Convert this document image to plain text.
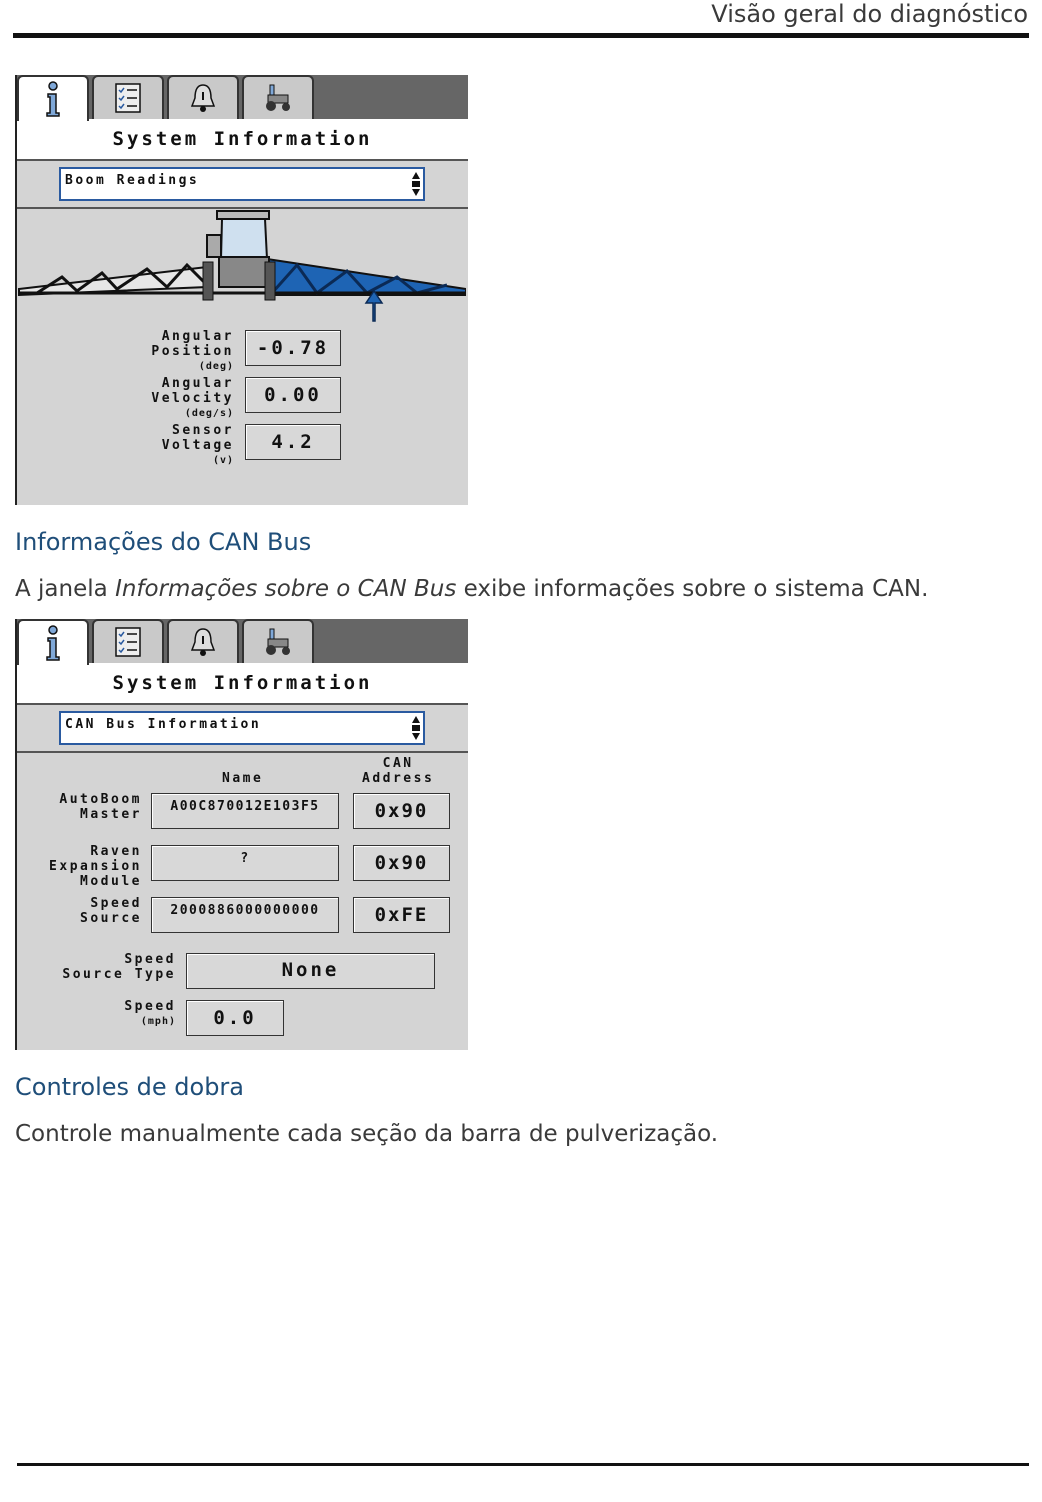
Visão geral do diagnóstico
System Information
Boom Readings
Angular
Position
(deg)
-0.78
Angular
Velocity
(deg/s)
0.00
Sensor
Voltage
(v)
4.2
Informações do CAN Bus
A janela Informações sobre o CAN Bus exibe informações sobre o sistema CAN.
System Information
CAN Bus Information
Name
CAN
Address
AutoBoom
Master
A00C870012E103F5	0x90
Raven
Expansion
Module
?	0x90
Speed
Source
2000886000000000	0xFE
Speed
Source Type	None
Speed
(mph)	0.0
Controles de dobra
Controle manualmente cada seção da barra de pulverização.
